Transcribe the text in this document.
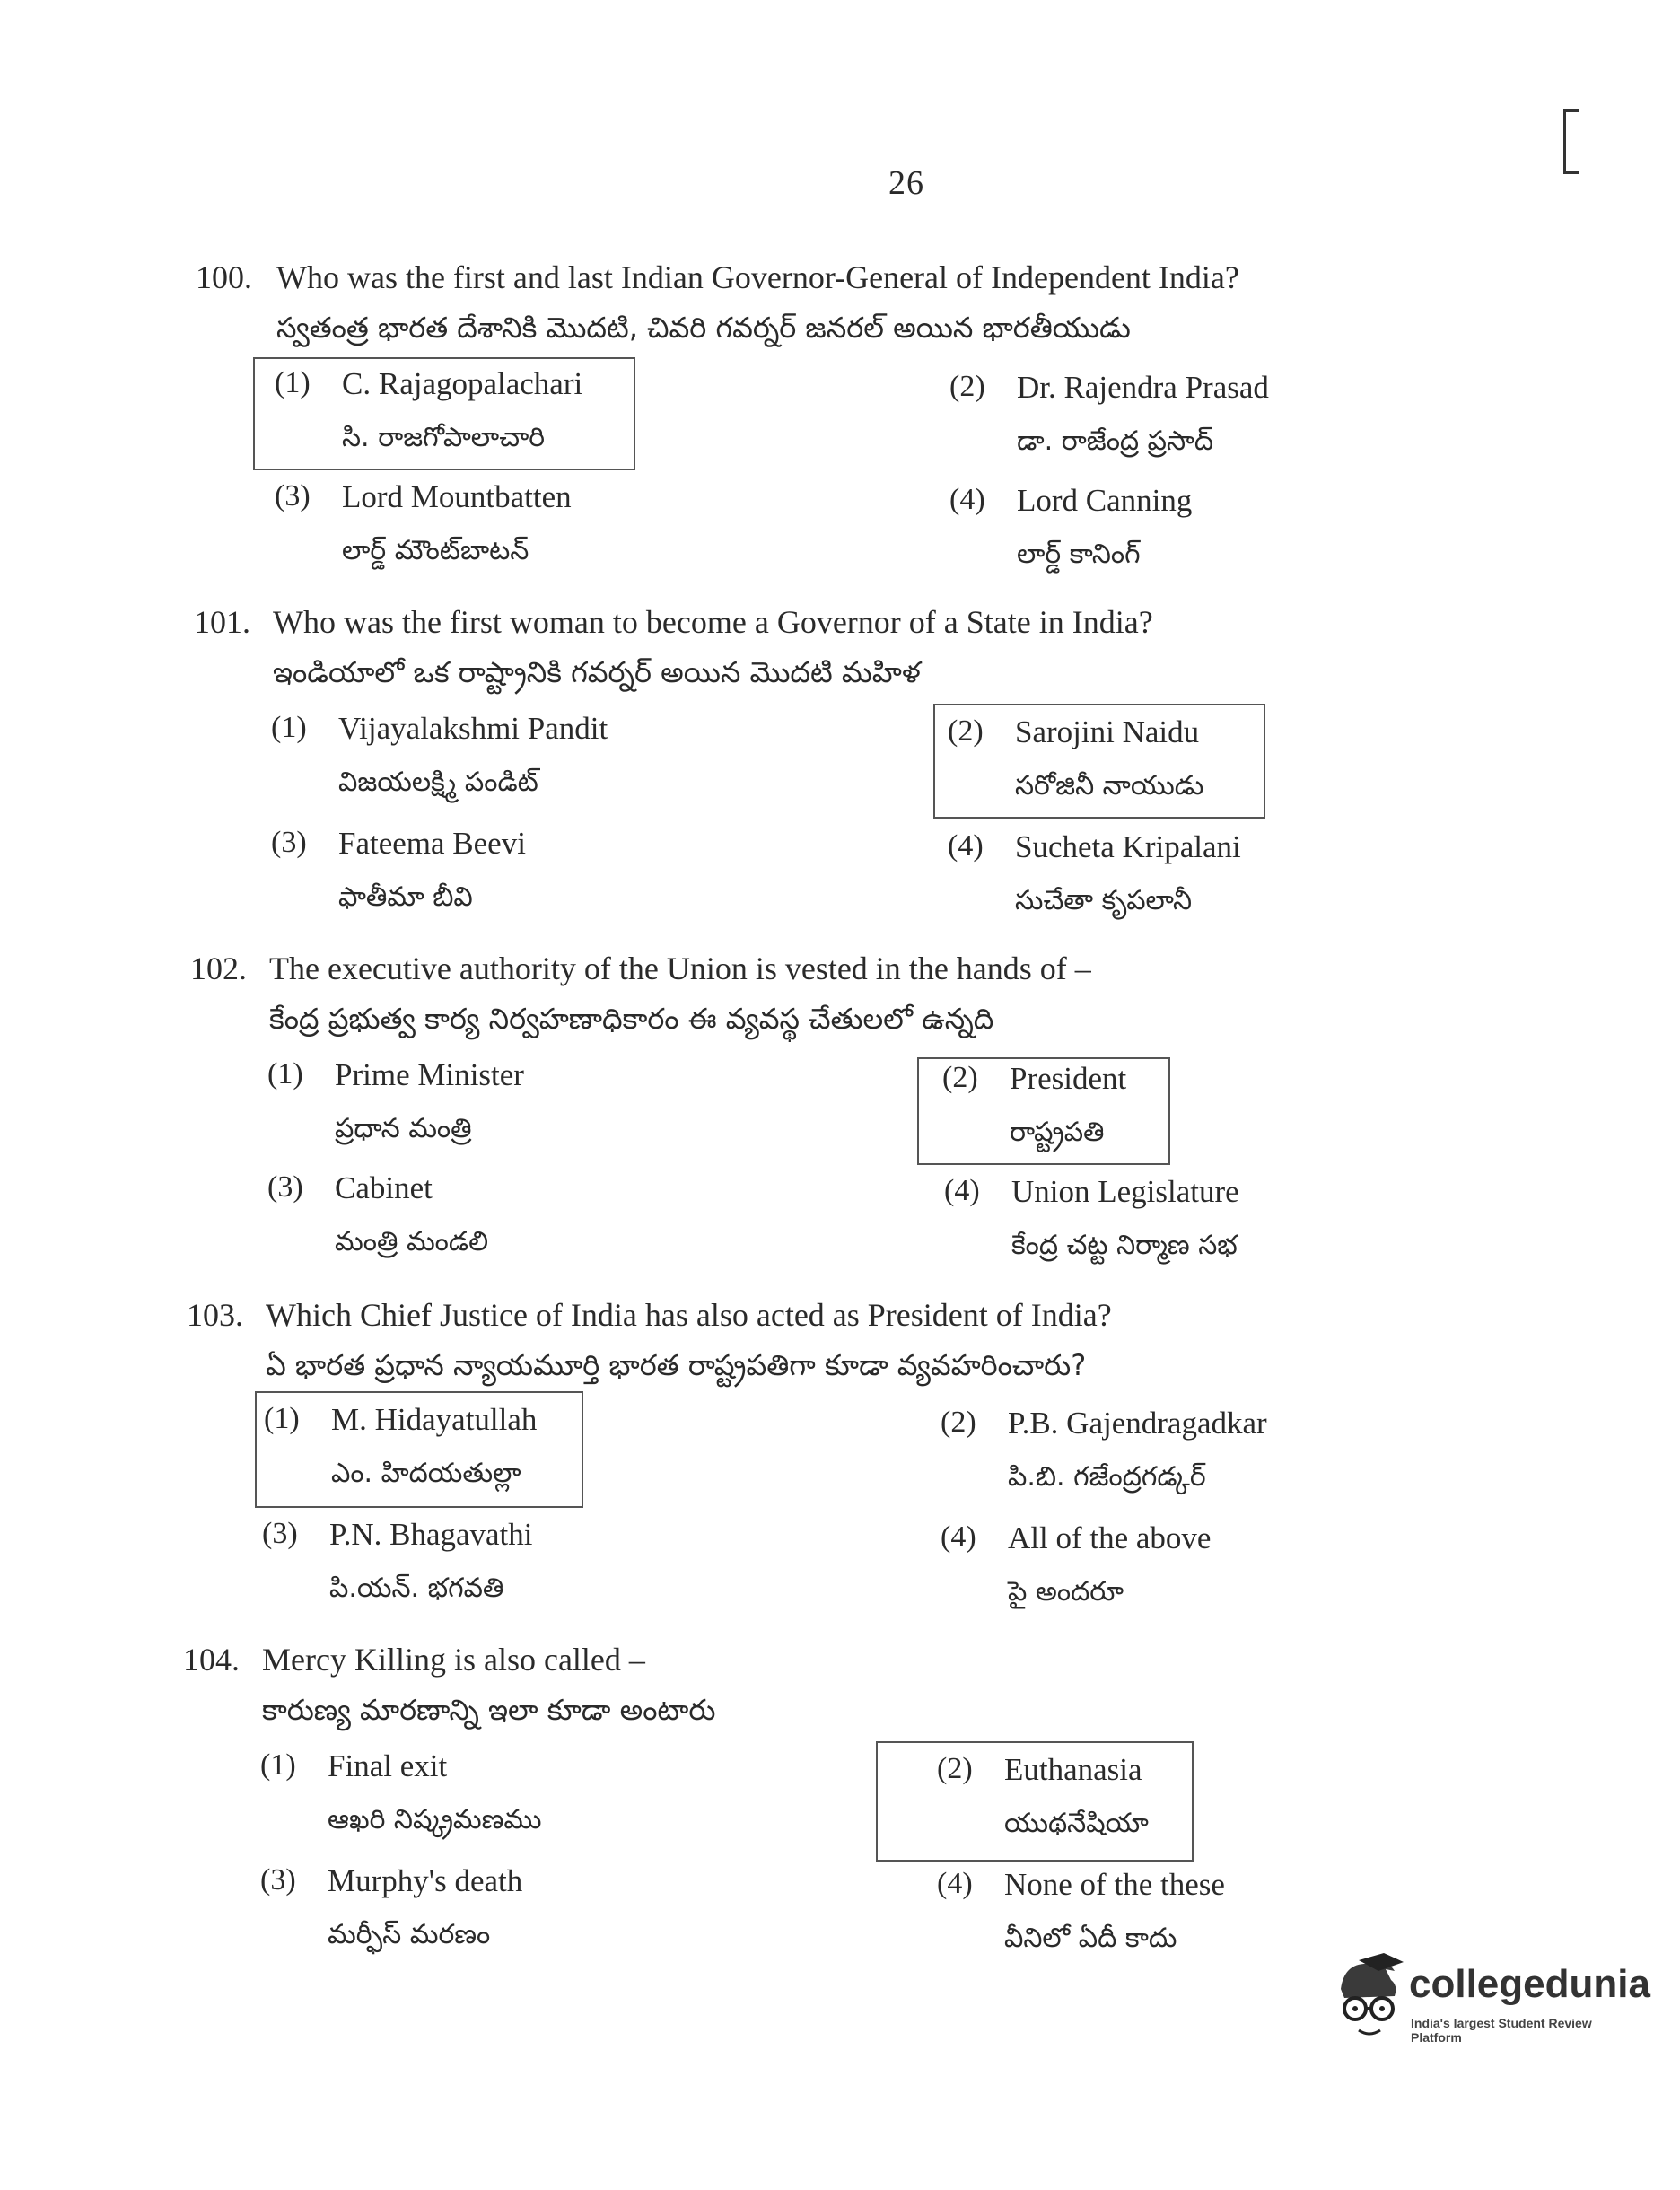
26
100. Who was the first and last Indian Governor-General of Independent India?
స్వతంత్ర భారత దేశానికి మొదటి, చివరి గవర్నర్ జనరల్ అయిన భారతీయుడు
(1) C. Rajagopalachari
సి. రాజగోపాలాచారి
(2) Dr. Rajendra Prasad
డా. రాజేంద్ర ప్రసాద్
(3) Lord Mountbatten
లార్డ్ మౌంట్‌బాటన్
(4) Lord Canning
లార్డ్ కానింగ్
101. Who was the first woman to become a Governor of a State in India?
ఇండియాలో ఒక రాష్ట్రానికి గవర్నర్ అయిన మొదటి మహిళ
(1) Vijayalakshmi Pandit
విజయలక్ష్మి పండిట్
(2) Sarojini Naidu
సరోజినీ నాయుడు
(3) Fateema Beevi
ఫాతీమా బీవి
(4) Sucheta Kripalani
సుచేతా కృపలానీ
102. The executive authority of the Union is vested in the hands of –
కేంద్ర ప్రభుత్వ కార్య నిర్వహణాధికారం ఈ వ్యవస్థ చేతులలో ఉన్నది
(1) Prime Minister
ప్రధాన మంత్రి
(2) President
రాష్ట్రపతి
(3) Cabinet
మంత్రి మండలి
(4) Union Legislature
కేంద్ర చట్ట నిర్మాణ సభ
103. Which Chief Justice of India has also acted as President of India?
ఏ భారత ప్రధాన న్యాయమూర్తి భారత రాష్ట్రపతిగా కూడా వ్యవహరించారు?
(1) M. Hidayatullah
ఎం. హిదయతుల్లా
(2) P.B. Gajendragadkar
పి.బి. గజేంద్రగడ్కర్
(3) P.N. Bhagavathi
పి.యన్. భగవతి
(4) All of the above
పై అందరూ
104. Mercy Killing is also called –
కారుణ్య మారణాన్ని ఇలా కూడా అంటారు
(1) Final exit
ఆఖరి నిష్క్రమణము
(2) Euthanasia
యుథనేషియా
(3) Murphy's death
మర్ఫీస్ మరణం
(4) None of the these
వీనిలో ఏదీ కాదు
collegedunia
India's largest Student Review Platform
